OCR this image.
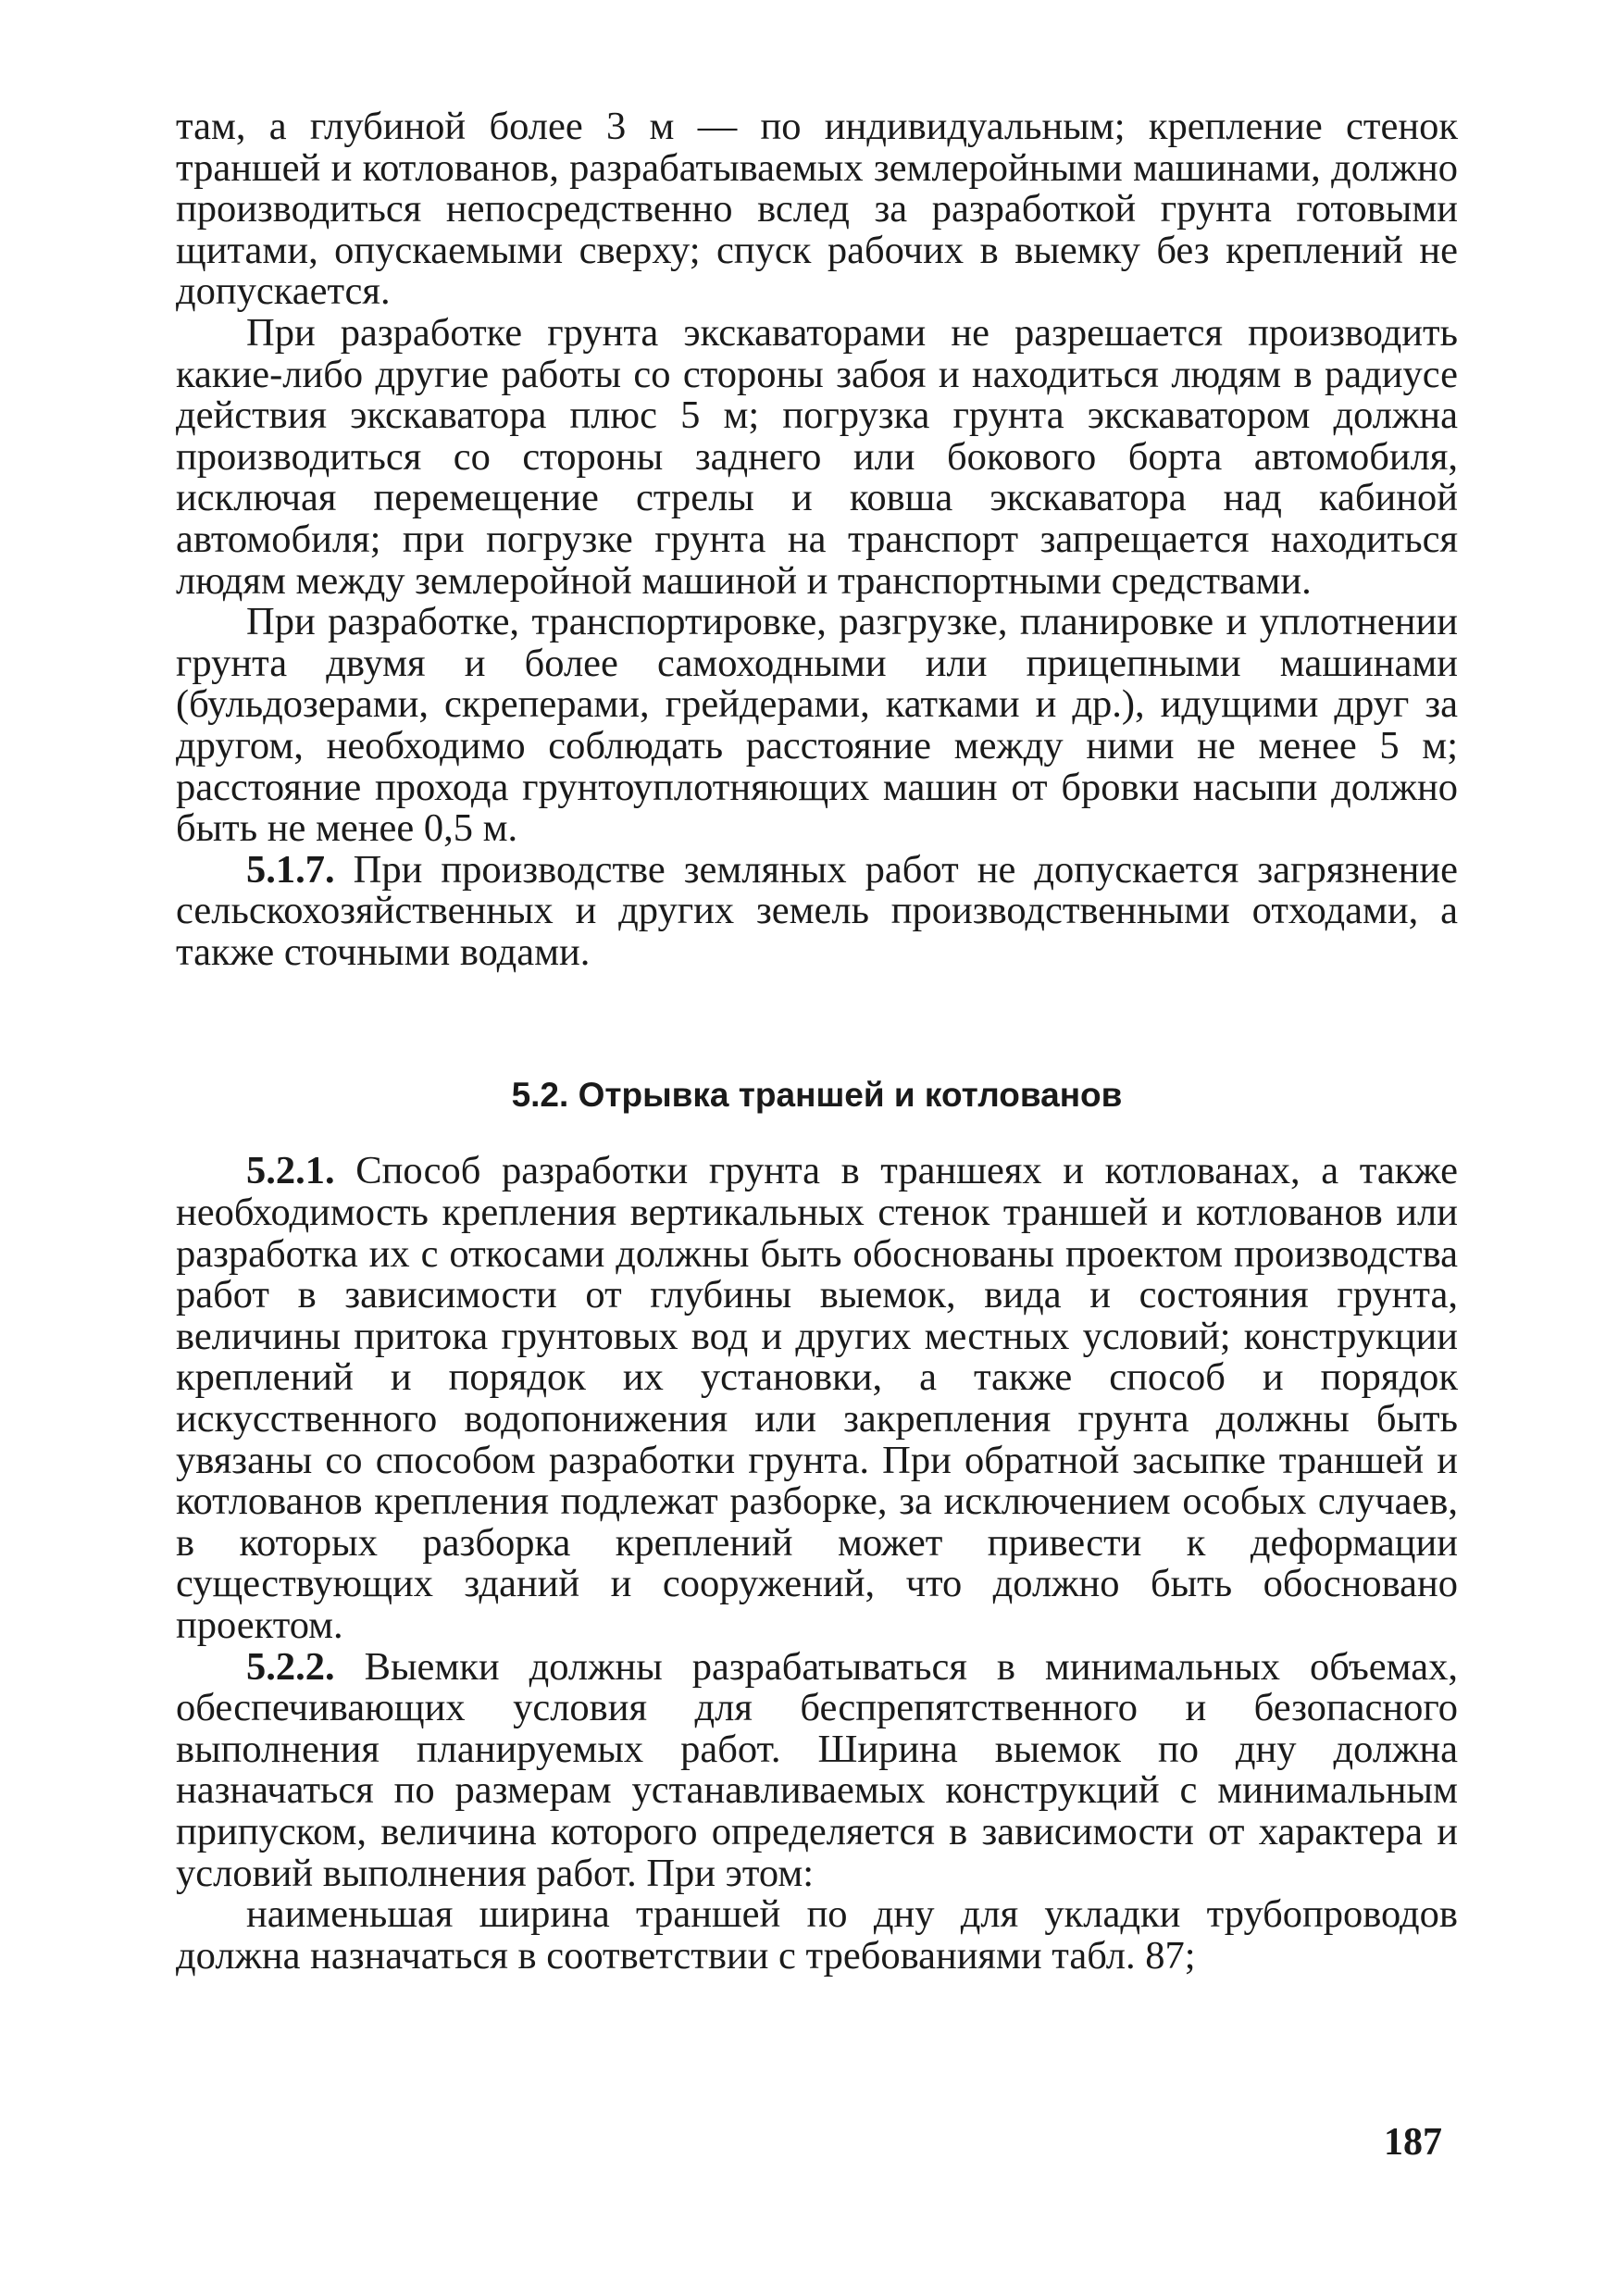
там, а глубиной более 3 м — по индивидуальным; крепление стенок траншей и котлованов, разрабатываемых землеройными машинами, должно производиться непосредственно вслед за разработкой грунта готовыми щитами, опускаемыми сверху; спуск рабочих в выемку без креплений не допускается.

При разработке грунта экскаваторами не разрешается производить какие-либо другие работы со стороны забоя и находиться людям в радиусе действия экскаватора плюс 5 м; погрузка грунта экскаватором должна производиться со стороны заднего или бокового борта автомобиля, исключая перемещение стрелы и ковша экскаватора над кабиной автомобиля; при погрузке грунта на транспорт запрещается находиться людям между землеройной машиной и транспортными средствами.

При разработке, транспортировке, разгрузке, планировке и уплотнении грунта двумя и более самоходными или прицепными машинами (бульдозерами, скреперами, грейдерами, катками и др.), идущими друг за другом, необходимо соблюдать расстояние между ними не менее 5 м; расстояние прохода грунтоуплотняющих машин от бровки насыпи должно быть не менее 0,5 м.

5.1.7. При производстве земляных работ не допускается загрязнение сельскохозяйственных и других земель производственными отходами, а также сточными водами.

5.2. Отрывка траншей и котлованов

5.2.1. Способ разработки грунта в траншеях и котлованах, а также необходимость крепления вертикальных стенок траншей и котлованов или разработка их с откосами должны быть обоснованы проектом производства работ в зависимости от глубины выемок, вида и состояния грунта, величины притока грунтовых вод и других местных условий; конструкции креплений и порядок их установки, а также способ и порядок искусственного водопонижения или закрепления грунта должны быть увязаны со способом разработки грунта. При обратной засыпке траншей и котлованов крепления подлежат разборке, за исключением особых случаев, в которых разборка креплений может привести к деформации существующих зданий и сооружений, что должно быть обосновано проектом.

5.2.2. Выемки должны разрабатываться в минимальных объемах, обеспечивающих условия для беспрепятственного и безопасного выполнения планируемых работ. Ширина выемок по дну должна назначаться по размерам устанавливаемых конструкций с минимальным припуском, величина которого определяется в зависимости от характера и условий выполнения работ. При этом:

наименьшая ширина траншей по дну для укладки трубопроводов должна назначаться в соответствии с требованиями табл. 87;

187
